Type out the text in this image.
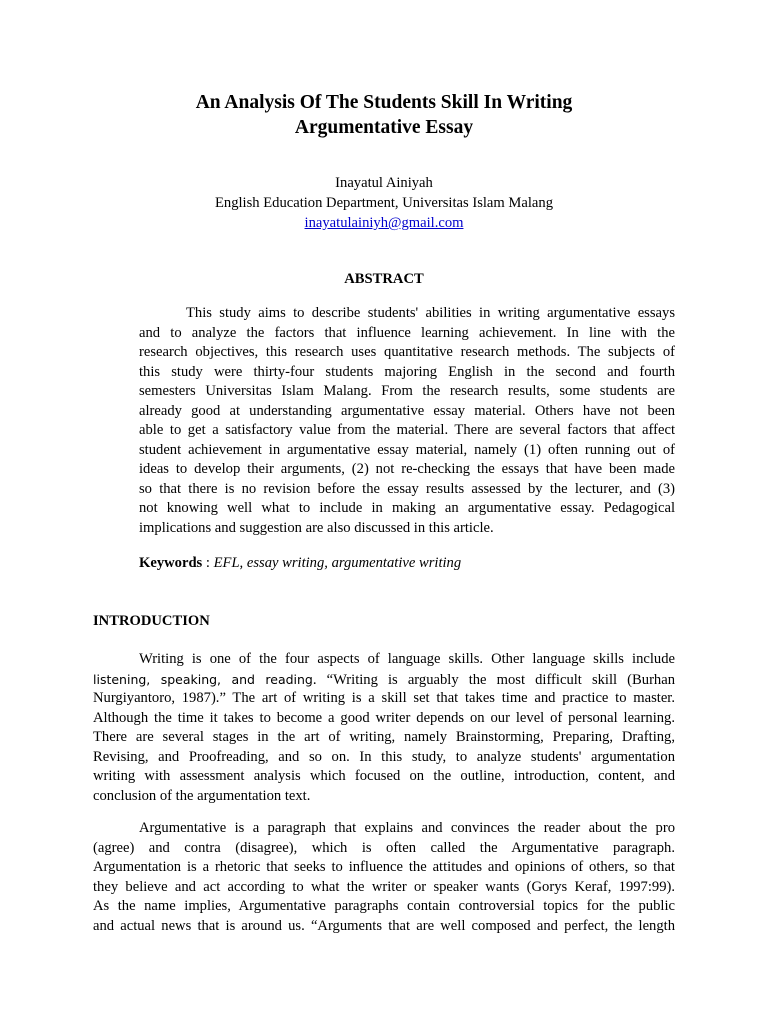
An Analysis Of The Students Skill In Writing
Argumentative Essay
Inayatul Ainiyah
English Education Department, Universitas Islam Malang
inayatulainiyh@gmail.com
ABSTRACT
This study aims to describe students' abilities in writing argumentative essays
and to analyze the factors that influence learning achievement. In line with the
research objectives, this research uses quantitative research methods. The subjects of
this study were thirty-four students majoring English in the second and fourth
semesters Universitas Islam Malang. From the research results, some students are
already good at understanding argumentative essay material. Others have not been
able to get a satisfactory value from the material. There are several factors that affect
student achievement in argumentative essay material, namely (1) often running out of
ideas to develop their arguments, (2) not re-checking the essays that have been made
so that there is no revision before the essay results assessed by the lecturer, and (3)
not knowing well what to include in making an argumentative essay. Pedagogical
implications and suggestion are also discussed in this article.
Keywords : EFL, essay writing, argumentative writing
INTRODUCTION
Writing is one of the four aspects of language skills. Other language skills include
listening, speaking, and reading. “Writing is arguably the most difficult skill (Burhan
Nurgiyantoro, 1987).” The art of writing is a skill set that takes time and practice to master.
Although the time it takes to become a good writer depends on our level of personal learning.
There are several stages in the art of writing, namely Brainstorming, Preparing, Drafting,
Revising, and Proofreading, and so on. In this study, to analyze students' argumentation
writing with assessment analysis which focused on the outline, introduction, content, and
conclusion of the argumentation text.
Argumentative is a paragraph that explains and convinces the reader about the pro
(agree) and contra (disagree), which is often called the Argumentative paragraph.
Argumentation is a rhetoric that seeks to influence the attitudes and opinions of others, so that
they believe and act according to what the writer or speaker wants (Gorys Keraf, 1997:99).
As the name implies, Argumentative paragraphs contain controversial topics for the public
and actual news that is around us. “Arguments that are well composed and perfect, the length
